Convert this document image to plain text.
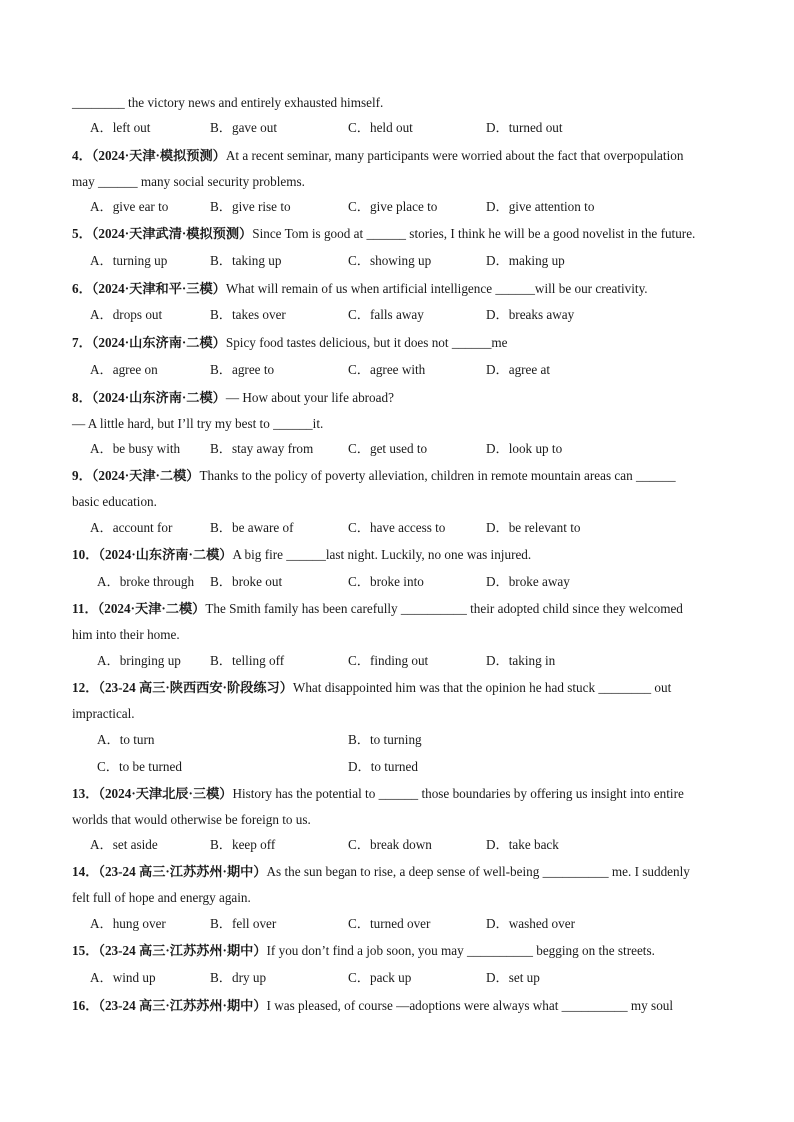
________ the victory news and entirely exhausted himself.
A．left out	B．gave out	C．held out	D．turned out
4．（2024·天津·模拟预测）At a recent seminar, many participants were worried about the fact that overpopulation
may ______ many social security problems.
A．give ear to	B．give rise to	C．give place to	D．give attention to
5．（2024·天津武清·模拟预测）Since Tom is good at ______ stories, I think he will be a good novelist in the future.
A．turning up	B．taking up	C．showing up	D．making up
6．（2024·天津和平·三模）What will remain of us when artificial intelligence ______will be our creativity.
A．drops out	B．takes over	C．falls away	D．breaks away
7．（2024·山东济南·二模）Spicy food tastes delicious, but it does not ______me
A．agree on	B．agree to	C．agree with	D．agree at
8．（2024·山东济南·二模）— How about your life abroad?
— A little hard, but I’ll try my best to ______it.
A．be busy with B．stay away from	C．get used to	D．look up to
9．（2024·天津·二模）Thanks to the policy of poverty alleviation, children in remote mountain areas can ______
basic education.
A．account for	B．be aware of	C．have access to	D．be relevant to
10．（2024·山东济南·二模）A big fire ______last night. Luckily, no one was injured.
A．broke through B．broke out	C．broke into	D．broke away
11．（2024·天津·二模）The Smith family has been carefully __________ their adopted child since they welcomed
him into their home.
A．bringing up B．telling off	C．finding out	D．taking in
12．（23-24 高三·陕西西安·阶段练习）What disappointed him was that the opinion he had stuck ________ out
impractical.
A．to turn	B．to turning
C．to be turned	D．to turned
13．（2024·天津北辰·三模）History has the potential to ______ those boundaries by offering us insight into entire
worlds that would otherwise be foreign to us.
A．set aside	B．keep off	C．break down	D．take back
14．（23-24 高三·江苏苏州·期中）As the sun began to rise, a deep sense of well-being __________ me. I suddenly
felt full of hope and energy again.
A．hung over	B．fell over	C．turned over	D．washed over
15．（23-24 高三·江苏苏州·期中）If you don’t find a job soon, you may __________ begging on the streets.
A．wind up	B．dry up	C．pack up	D．set up
16．（23-24 高三·江苏苏州·期中）I was pleased, of course —adoptions were always what __________ my soul
